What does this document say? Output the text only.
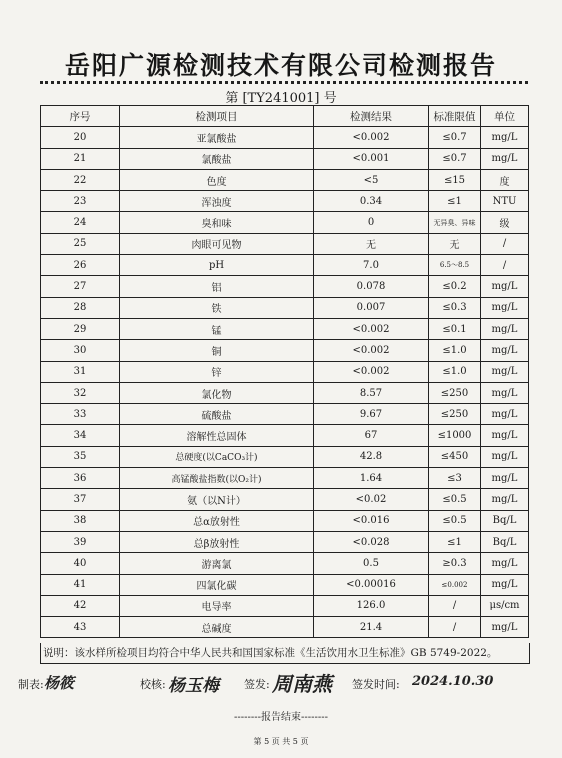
岳阳广源检测技术有限公司检测报告
第 [TY241001] 号
序号	检测项目	检测结果	标准限值	单位
20	亚氯酸盐	<0.002	≤0.7	mg/L
21	氯酸盐	<0.001	≤0.7	mg/L
22	色度	<5	≤15	度
23	浑浊度	0.34	≤1	NTU
24	臭和味	0	无异臭、异味	级
25	肉眼可见物	无	无	/
26	pH	7.0	6.5～8.5	/
27	铝	0.078	≤0.2	mg/L
28	铁	0.007	≤0.3	mg/L
29	锰	<0.002	≤0.1	mg/L
30	铜	<0.002	≤1.0	mg/L
31	锌	<0.002	≤1.0	mg/L
32	氯化物	8.57	≤250	mg/L
33	硫酸盐	9.67	≤250	mg/L
34	溶解性总固体	67	≤1000	mg/L
35	总硬度(以CaCO₃计)	42.8	≤450	mg/L
36	高锰酸盐指数(以O₂计)	1.64	≤3	mg/L
37	氨（以N计）	<0.02	≤0.5	mg/L
38	总α放射性	<0.016	≤0.5	Bq/L
39	总β放射性	<0.028	≤1	Bq/L
40	游离氯	0.5	≥0.3	mg/L
41	四氯化碳	<0.00016	≤0.002	mg/L
42	电导率	126.0	/	μs/cm
43	总碱度	21.4	/	mg/L
说明：该水样所检项目均符合中华人民共和国国家标准《生活饮用水卫生标准》GB 5749-2022。
制表: 杨筱	校核: 杨玉梅 签发: 周南燕 签发时间: 2024.10.30
--------报告结束--------
第 5 页 共 5 页
